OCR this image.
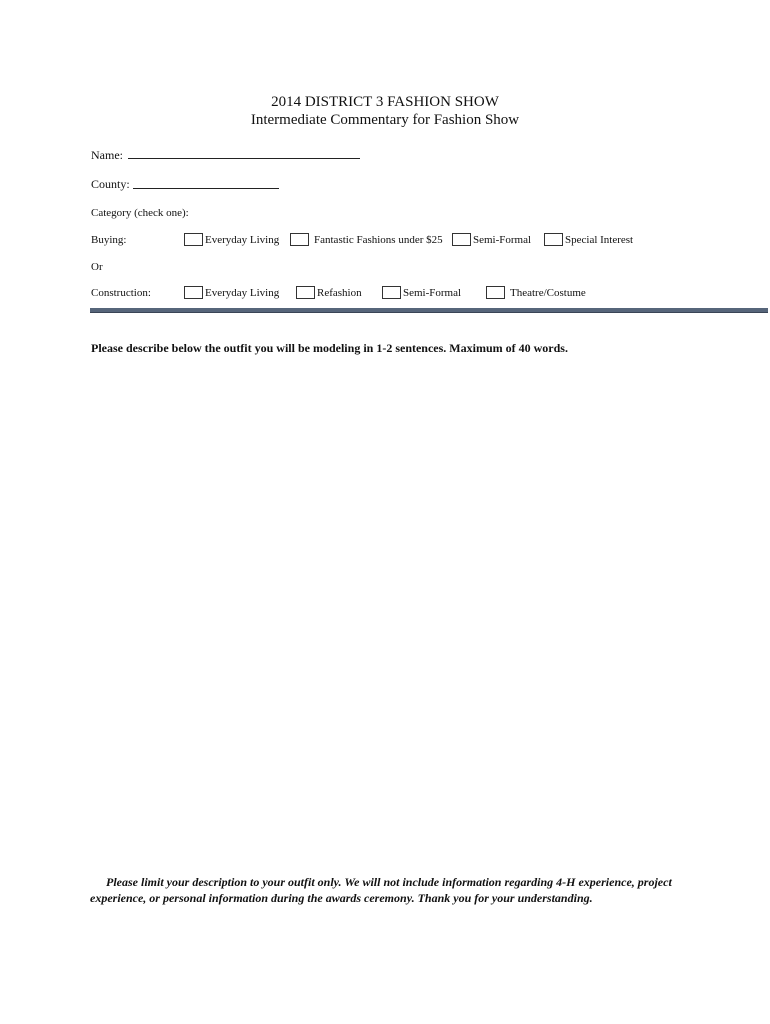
2014 DISTRICT 3 FASHION SHOW
Intermediate Commentary for Fashion Show
Name:
County:
Category (check one):
Buying:	Everyday Living	Fantastic Fashions under $25	Semi-Formal	Special Interest
Or
Construction:	Everyday Living	Refashion	Semi-Formal	Theatre/Costume
Please describe below the outfit you will be modeling in 1-2 sentences. Maximum of 40 words.
Please limit your description to your outfit only. We will not include information regarding 4-H experience, project experience, or personal information during the awards ceremony. Thank you for your understanding.
